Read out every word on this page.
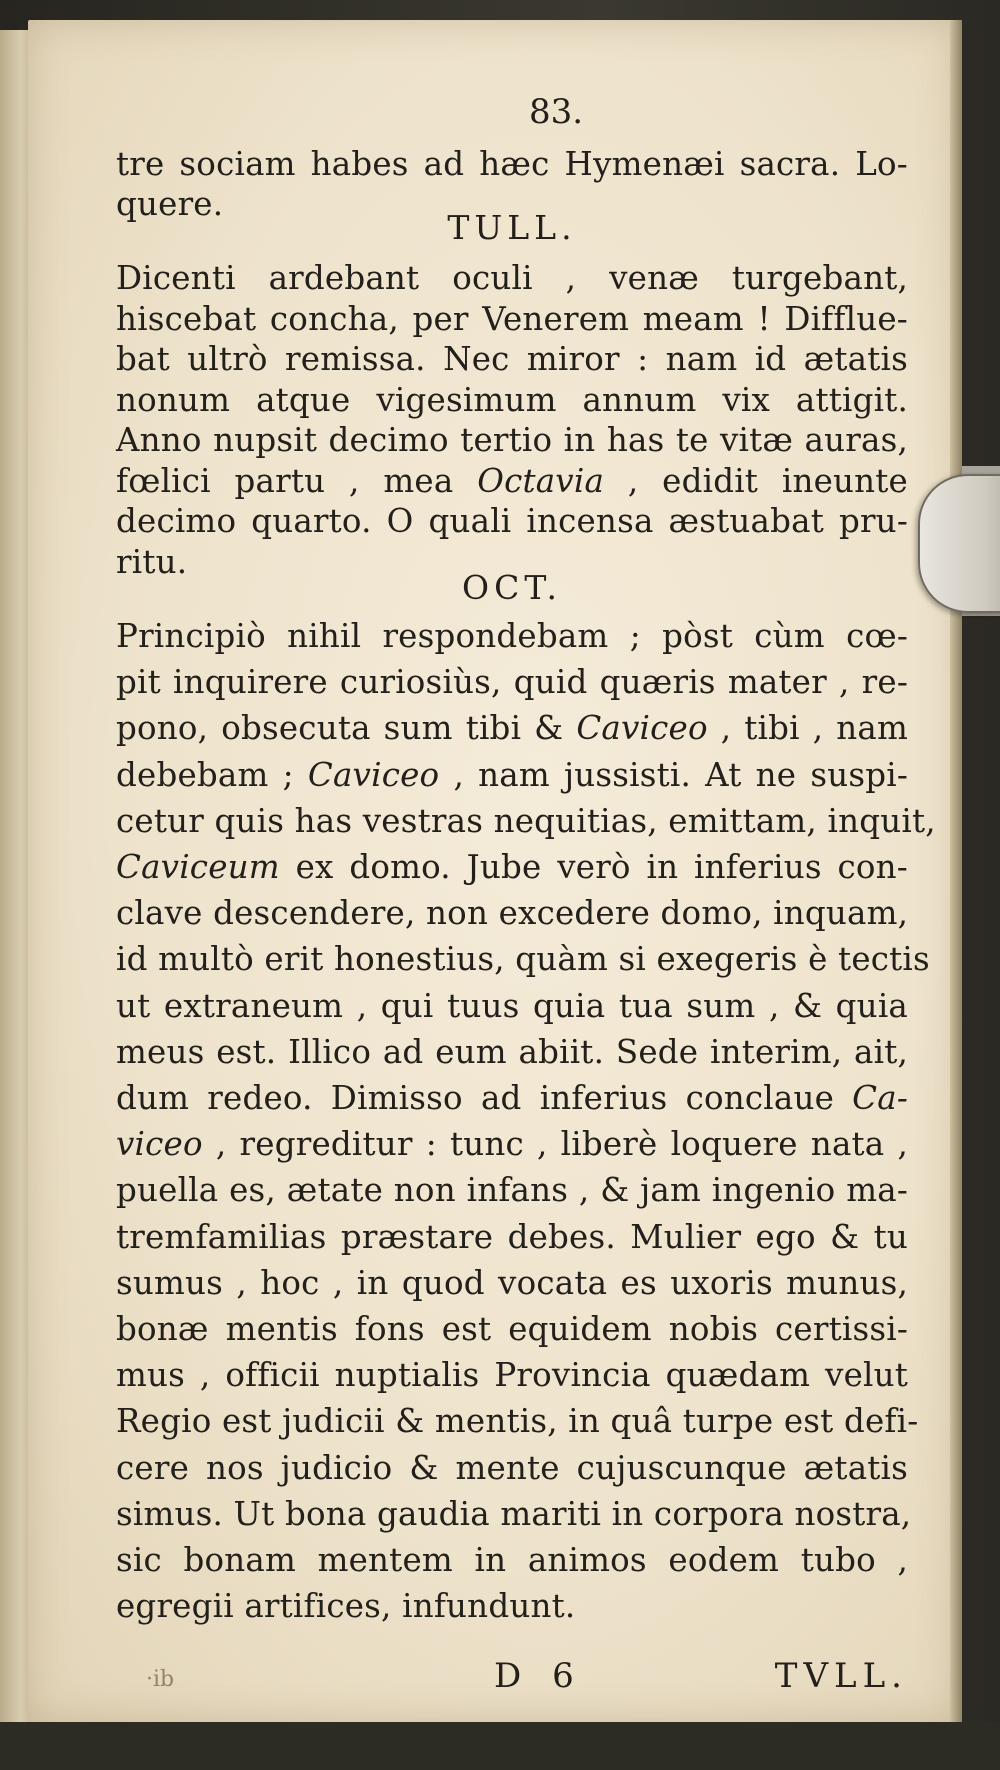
83.
tre sociam habes ad hæc Hymenæi sacra. Lo-
quere.
TULL.
Dicenti ardebant oculi , venæ turgebant,
hiscebat concha, per Venerem meam ! Difflue-
bat ultrò remissa. Nec miror : nam id ætatis
nonum atque vigesimum annum vix attigit.
Anno nupsit decimo tertio in has te vitæ auras,
fœlici partu , mea Octavia , edidit ineunte
decimo quarto. O quali incensa æstuabat pru-
ritu.
OCT.
Principiò nihil respondebam ; pòst cùm cœ-
pit inquirere curiosiùs, quid quæris mater , re-
pono, obsecuta sum tibi & Caviceo , tibi , nam
debebam ; Caviceo , nam jussisti. At ne suspi-
cetur quis has vestras nequitias, emittam, inquit,
Caviceum ex domo. Jube verò in inferius con-
clave descendere, non excedere domo, inquam,
id multò erit honestius, quàm si exegeris è tectis
ut extraneum , qui tuus quia tua sum , & quia
meus est. Illico ad eum abiit. Sede interim, ait,
dum redeo. Dimisso ad inferius conclaue Ca-
viceo , regreditur : tunc , liberè loquere nata ,
puella es, ætate non infans , & jam ingenio ma-
tremfamilias præstare debes. Mulier ego & tu
sumus , hoc , in quod vocata es uxoris munus,
bonæ mentis fons est equidem nobis certissi-
mus , officii nuptialis Provincia quædam velut
Regio est judicii & mentis, in quâ turpe est defi-
cere nos judicio & mente cujuscunque ætatis
simus. Ut bona gaudia mariti in corpora nostra,
sic bonam mentem in animos eodem tubo ,
egregii artifices, infundunt.
·ib	D 6	TVLL.
